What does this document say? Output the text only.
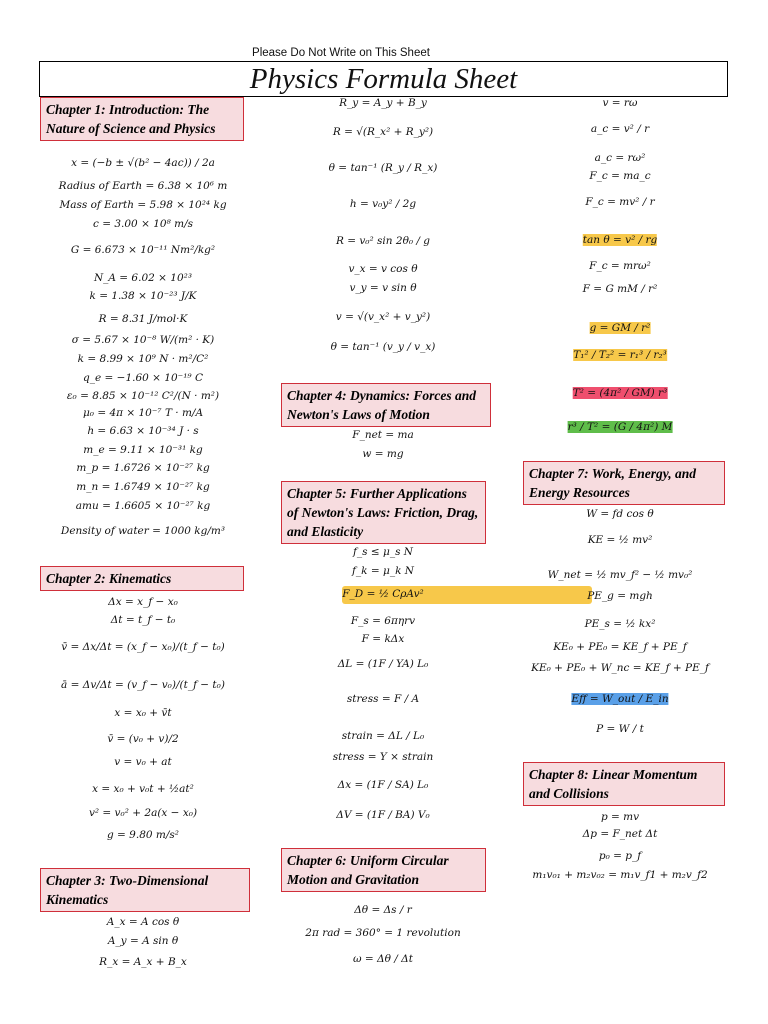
Please Do Not Write on This Sheet
Physics Formula Sheet
Chapter 1: Introduction: The Nature of Science and Physics
Chapter 2: Kinematics
Chapter 3: Two-Dimensional Kinematics
Chapter 4: Dynamics: Forces and Newton's Laws of Motion
Chapter 5: Further Applications of Newton's Laws: Friction, Drag, and Elasticity
Chapter 6: Uniform Circular Motion and Gravitation
Chapter 7: Work, Energy, and Energy Resources
Chapter 8: Linear Momentum and Collisions
x = (−b ± √(b² − 4ac)) / 2a
Radius of Earth = 6.38 × 10⁶ m
Mass of Earth = 5.98 × 10²⁴ kg
c = 3.00 × 10⁸ m/s
G = 6.673 × 10⁻¹¹ Nm²/kg²
N_A = 6.02 × 10²³
k = 1.38 × 10⁻²³ J/K
R = 8.31 J/mol·K
σ = 5.67 × 10⁻⁸ W/(m² · K)
k = 8.99 × 10⁹ N · m²/C²
q_e = −1.60 × 10⁻¹⁹ C
ε₀ = 8.85 × 10⁻¹² C²/(N · m²)
μ₀ = 4π × 10⁻⁷ T · m/A
h = 6.63 × 10⁻³⁴ J · s
m_e = 9.11 × 10⁻³¹ kg
m_p = 1.6726 × 10⁻²⁷ kg
m_n = 1.6749 × 10⁻²⁷ kg
amu = 1.6605 × 10⁻²⁷ kg
Density of water = 1000 kg/m³
Δx = x_f − x₀
Δt = t_f − t₀
v̄ = Δx/Δt = (x_f − x₀)/(t_f − t₀)
ā = Δv/Δt = (v_f − v₀)/(t_f − t₀)
x = x₀ + v̄t
v̄ = (v₀ + v)/2
v = v₀ + at
x = x₀ + v₀t + ½at²
v² = v₀² + 2a(x − x₀)
g = 9.80 m/s²
A_x = A cos θ
A_y = A sin θ
R_x = A_x + B_x
R_y = A_y + B_y
R = √(R_x² + R_y²)
θ = tan⁻¹ (R_y / R_x)
h = v₀y² / 2g
R = v₀² sin 2θ₀ / g
v_x = v cos θ
v_y = v sin θ
v = √(v_x² + v_y²)
θ = tan⁻¹ (v_y / v_x)
F_net = ma
w = mg
f_s ≤ μ_s N
f_k = μ_k N
F_D = ½ CρAv²
F_s = 6πηrv
F = kΔx
ΔL = (1F / YA) L₀
stress = F / A
strain = ΔL / L₀
stress = Y × strain
Δx = (1F / SA) L₀
ΔV = (1F / BA) V₀
Δθ = Δs / r
2π rad = 360° = 1 revolution
ω = Δθ / Δt
v = rω
a_c = v² / r
a_c = rω²
F_c = ma_c
F_c = mv² / r
tan θ = v² / rg
F_c = mrω²
F = G mM / r²
g = GM / r²
T₁² / T₂² = r₁³ / r₂³
T² = (4π² / GM) r³
r³ / T² = (G / 4π²) M
W = fd cos θ
KE = ½ mv²
W_net = ½ mv_f² − ½ mv₀²
PE_g = mgh
PE_s = ½ kx²
KE₀ + PE₀ = KE_f + PE_f
KE₀ + PE₀ + W_nc = KE_f + PE_f
Eff = W_out / E_in
P = W / t
p = mv
Δp = F_net Δt
p₀ = p_f
m₁v₀₁ + m₂v₀₂ = m₁v_f1 + m₂v_f2
